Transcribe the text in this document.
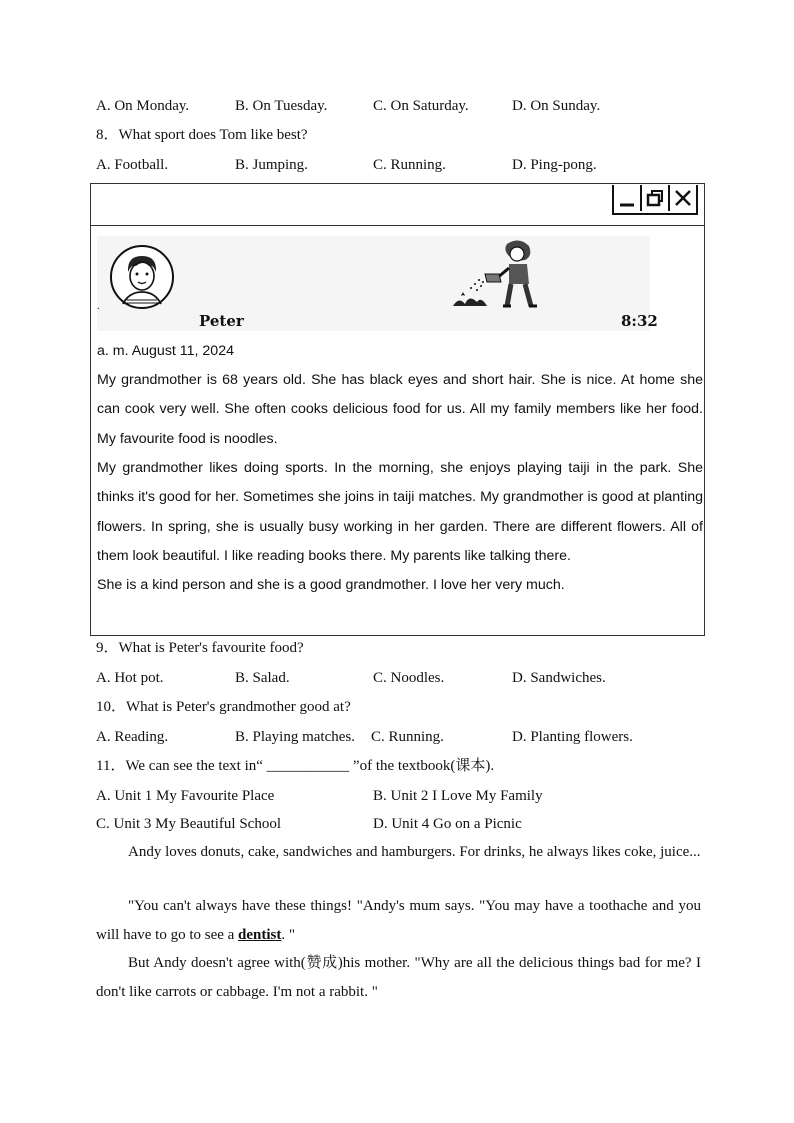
A. On Monday.	B. On Tuesday.	C. On Saturday.	D. On Sunday.
8．What sport does Tom like best?
A. Football.	B. Jumping.	C. Running.	D. Ping-pong.
.
Peter	8:32
a. m. August 11, 2024
My grandmother is 68 years old. She has black eyes and short hair. She is nice. At home she can cook very well. She often cooks delicious food for us. All my family members like her food. My favourite food is noodles.
My grandmother likes doing sports. In the morning, she enjoys playing taiji in the park. She thinks it's good for her. Sometimes she joins in taiji matches. My grandmother is good at planting flowers. In spring, she is usually busy working in her garden. There are different flowers. All of them look beautiful. I like reading books there. My parents like talking there.
She is a kind person and she is a good grandmother. I love her very much.
9．What is Peter's favourite food?
A. Hot pot.	B. Salad.	C. Noodles.	D. Sandwiches.
10．What is Peter's grandmother good at?
A. Reading.	B. Playing matches. C. Running.	D. Planting flowers.
11．We can see the text in“ ___________ ”of the textbook(课本).
A. Unit 1 My Favourite Place	B. Unit 2 I Love My Family
C. Unit 3 My Beautiful School	D. Unit 4 Go on a Picnic
Andy loves donuts, cake, sandwiches and hamburgers. For drinks, he always likes coke, juice...
"You can't always have these things! "Andy's mum says. "You may have a toothache and you will have to go to see a dentist. "
But Andy doesn't agree with(赞成)his mother. "Why are all the delicious things bad for me? I don't like carrots or cabbage. I'm not a rabbit. "
